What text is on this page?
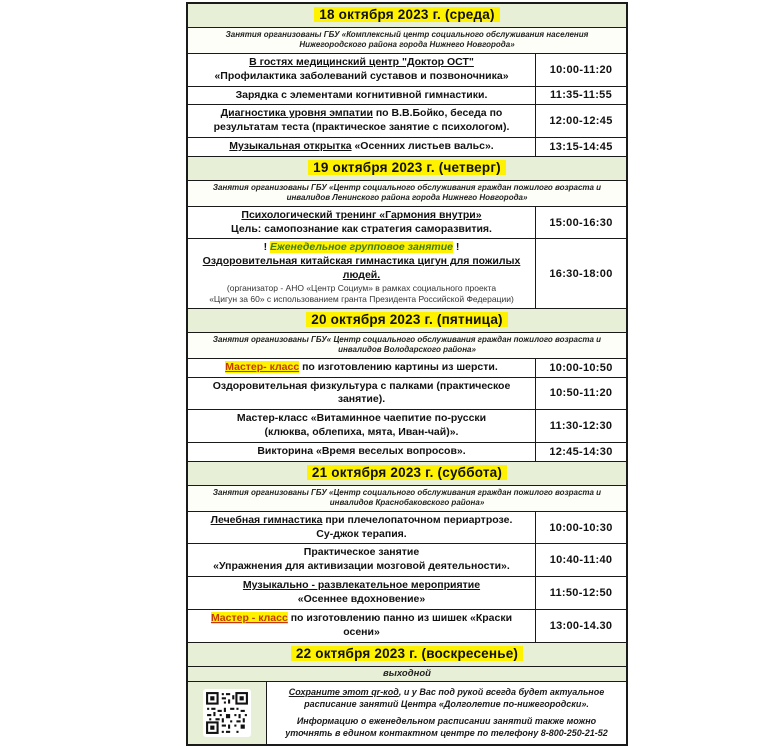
18 октября 2023 г. (среда)
Занятия организованы ГБУ «Комплексный центр социального обслуживания населения Нижегородского района города Нижнего Новгорода»
В гостях медицинский центр "Доктор ОСТ"
«Профилактика заболеваний суставов и позвоночника»	10:00-11:20
Зарядка с элементами когнитивной гимнастики.	11:35-11:55
Диагностика уровня эмпатии по В.В.Бойко, беседа по результатам теста (практическое занятие с психологом).	12:00-12:45
Музыкальная открытка «Осенних листьев вальс».	13:15-14:45
19 октября 2023 г. (четверг)
Занятия организованы ГБУ «Центр социального обслуживания граждан пожилого возраста и инвалидов Ленинского района города Нижнего Новгорода»
Психологический тренинг «Гармония внутри»
Цель: самопознание как стратегия саморазвития.	15:00-16:30
! Еженедельное групповое занятие !
Оздоровительная китайская гимнастика цигун для пожилых людей.
(организатор - АНО «Центр Социум» в рамках социального проекта
«Цигун за 60» с использованием гранта Президента Российской Федерации)
16:30-18:00
20 октября 2023 г. (пятница)
Занятия организованы ГБУ« Центр социального обслуживания граждан пожилого возраста и инвалидов Володарского района»
Мастер- класс по изготовлению картины из шерсти.	10:00-10:50
Оздоровительная физкультура с палками (практическое занятие).	10:50-11:20
Мастер-класс «Витаминное чаепитие по-русски
(клюква, облепиха, мята, Иван-чай)».	11:30-12:30
Викторина «Время веселых вопросов».	12:45-14:30
21 октября 2023 г. (суббота)
Занятия организованы ГБУ «Центр социального обслуживания граждан пожилого возраста и инвалидов Краснобаковского района»
Лечебная гимнастика при плечелопаточном периартрозе.
Су-джок терапия.	10:00-10:30
Практическое занятие
«Упражнения для активизации мозговой деятельности».	10:40-11:40
Музыкально - развлекательное мероприятие
«Осеннее вдохновение»	11:50-12:50
Мастер - класс по изготовлению панно из шишек «Краски осени»	13:00-14.30
22 октября 2023 г. (воскресенье)
выходной
Сохраните этот qr-код, и у Вас под рукой всегда будет актуальное расписание занятий Центра «Долголетие по-нижегородски».
Информацию о еженедельном расписании занятий также можно уточнять в едином контактном центре по телефону 8-800-250-21-52
